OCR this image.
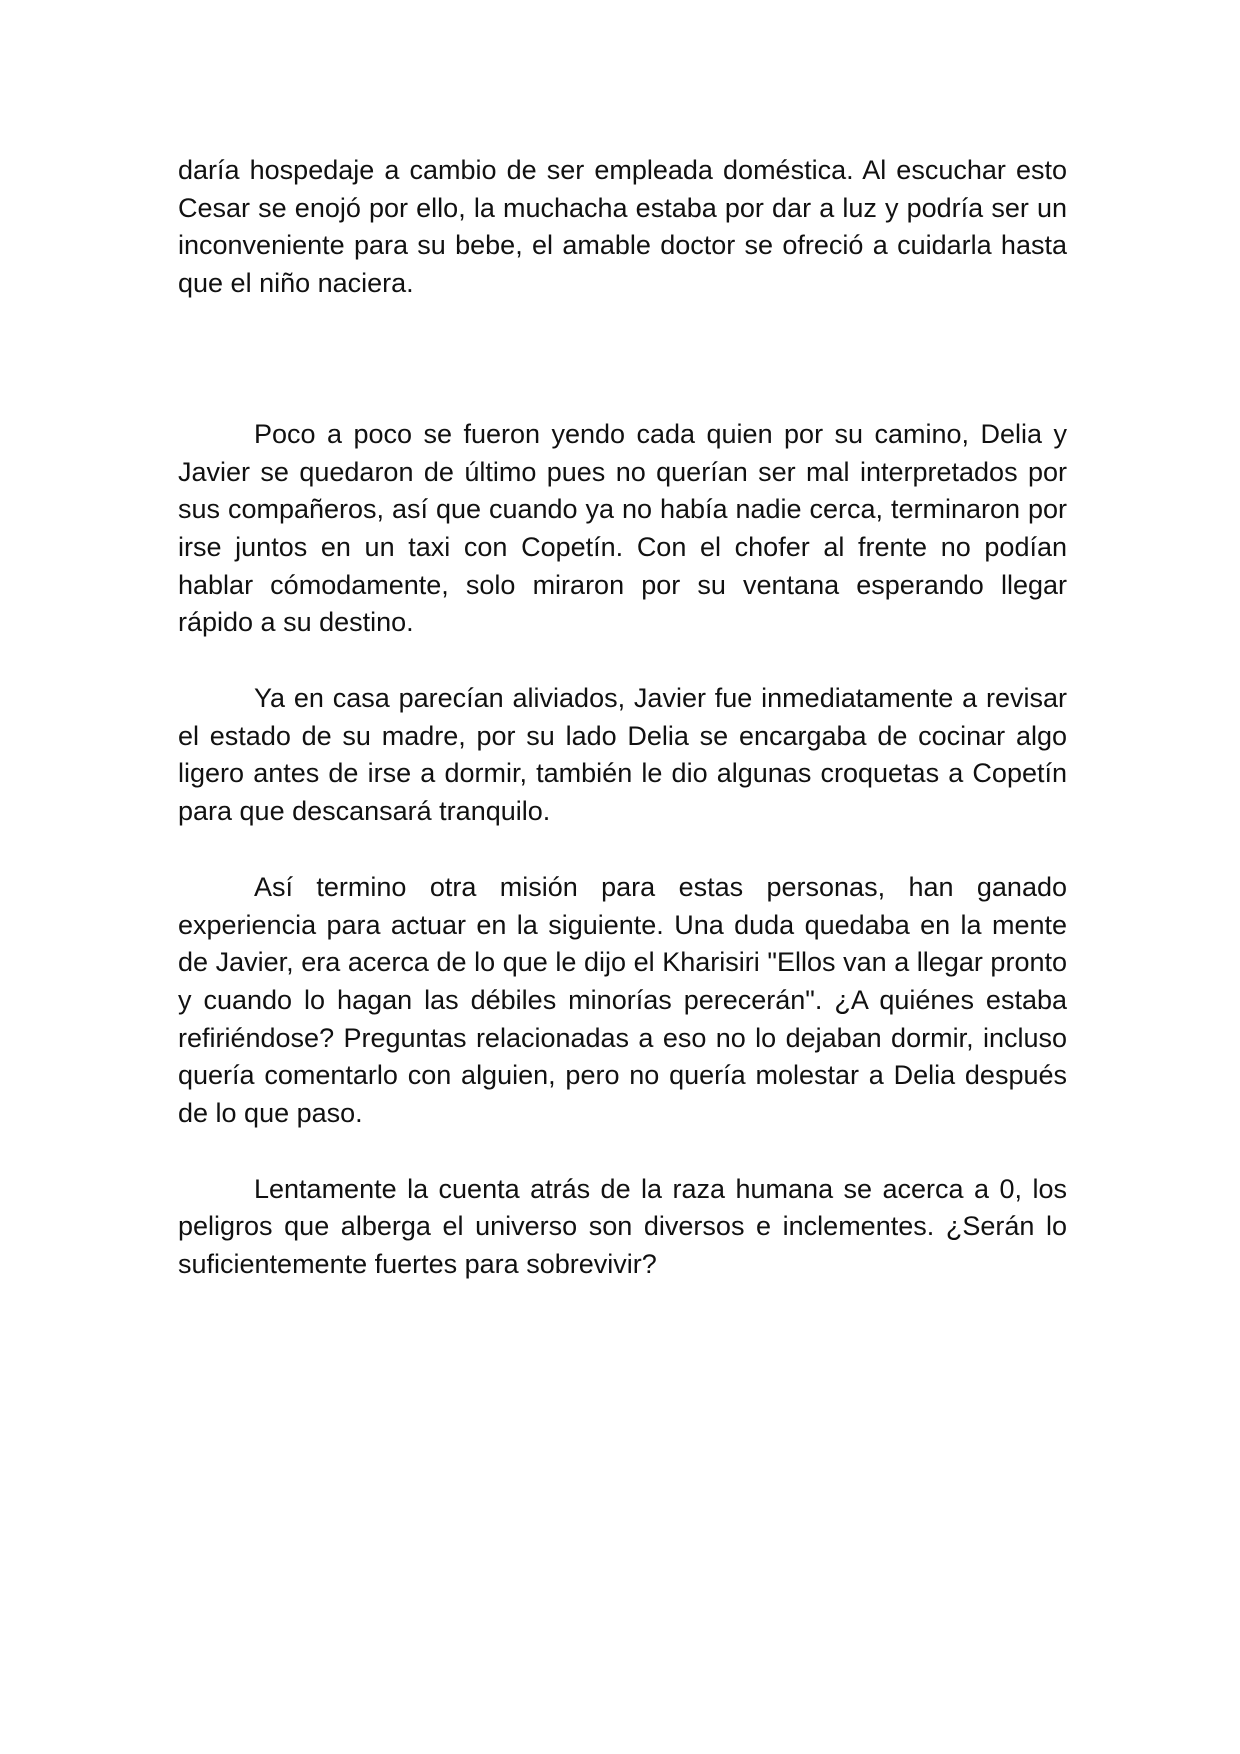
daría hospedaje a cambio de ser empleada doméstica. Al escuchar esto Cesar se enojó por ello, la muchacha estaba por dar a luz y podría ser un inconveniente para su bebe, el amable doctor se ofreció a cuidarla hasta que el niño naciera.

Poco a poco se fueron yendo cada quien por su camino, Delia y Javier se quedaron de último pues no querían ser mal interpretados por sus compañeros, así que cuando ya no había nadie cerca, terminaron por irse juntos en un taxi con Copetín. Con el chofer al frente no podían hablar cómodamente, solo miraron por su ventana esperando llegar rápido a su destino.

Ya en casa parecían aliviados, Javier fue inmediatamente a revisar el estado de su madre, por su lado Delia se encargaba de cocinar algo ligero antes de irse a dormir, también le dio algunas croquetas a Copetín para que descansará tranquilo.

Así termino otra misión para estas personas, han ganado experiencia para actuar en la siguiente. Una duda quedaba en la mente de Javier, era acerca de lo que le dijo el Kharisiri "Ellos van a llegar pronto y cuando lo hagan las débiles minorías perecerán". ¿A quiénes estaba refiriéndose? Preguntas relacionadas a eso no lo dejaban dormir, incluso quería comentarlo con alguien, pero no quería molestar a Delia después de lo que paso.

Lentamente la cuenta atrás de la raza humana se acerca a 0, los peligros que alberga el universo son diversos e inclementes. ¿Serán lo suficientemente fuertes para sobrevivir?
